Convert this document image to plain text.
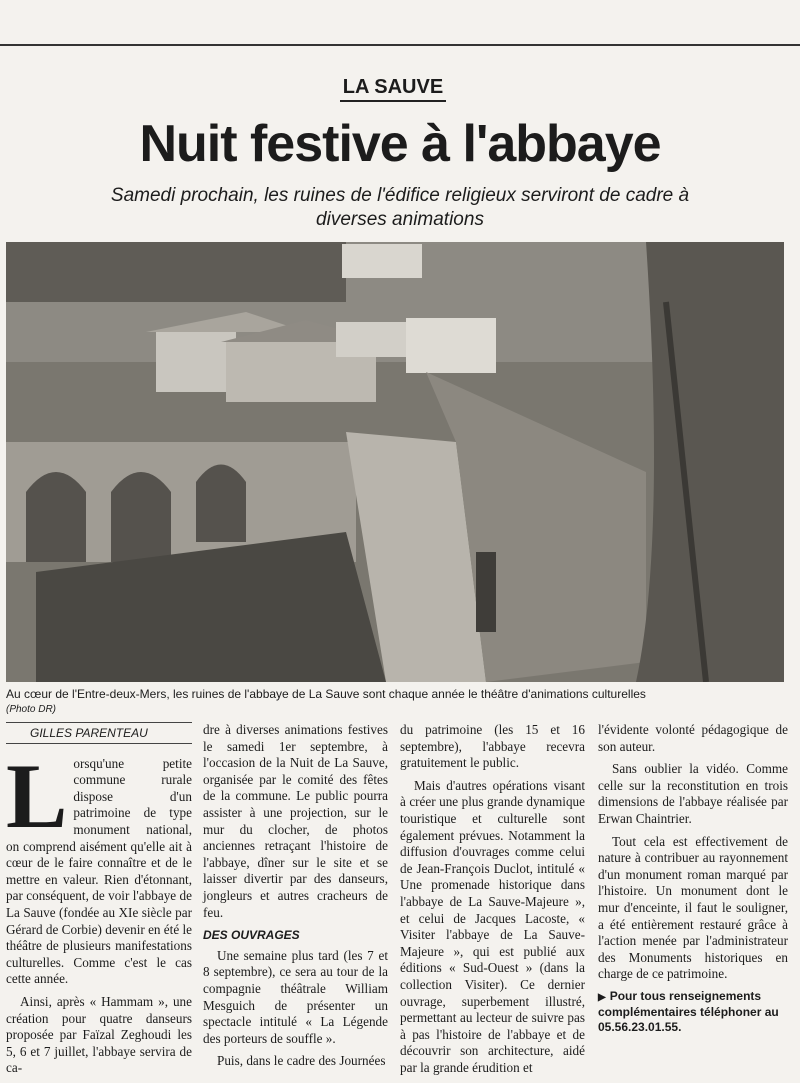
LA SAUVE
Nuit festive à l'abbaye
Samedi prochain, les ruines de l'édifice religieux serviront de cadre à diverses animations
Au cœur de l'Entre-deux-Mers, les ruines de l'abbaye de La Sauve sont chaque année le théâtre d'animations culturelles
(Photo DR)
GILLES PARENTEAU

Lorsqu'une petite commune rurale dispose d'un patrimoine de type monument national, on comprend aisément qu'elle ait à cœur de le faire connaître et de le mettre en valeur. Rien d'étonnant, par conséquent, de voir l'abbaye de La Sauve (fondée au XIe siècle par Gérard de Corbie) devenir en été le théâtre de plusieurs manifestations culturelles. Comme c'est le cas cette année.

Ainsi, après « Hammam », une création pour quatre danseurs proposée par Faïzal Zeghoudi les 5, 6 et 7 juillet, l'abbaye servira de ca-

dre à diverses animations festives le samedi 1er septembre, à l'occasion de la Nuit de La Sauve, organisée par le comité des fêtes de la commune. Le public pourra assister à une projection, sur le mur du clocher, de photos anciennes retraçant l'histoire de l'abbaye, dîner sur le site et se laisser divertir par des danseurs, jongleurs et autres cracheurs de feu.

DES OUVRAGES

Une semaine plus tard (les 7 et 8 septembre), ce sera au tour de la compagnie théâtrale William Mesguich de présenter un spectacle intitulé « La Légende des porteurs de souffle ».

Puis, dans le cadre des Journées

du patrimoine (les 15 et 16 septembre), l'abbaye recevra gratuitement le public.

Mais d'autres opérations visant à créer une plus grande dynamique touristique et culturelle sont également prévues. Notamment la diffusion d'ouvrages comme celui de Jean-François Duclot, intitulé « Une promenade historique dans l'abbaye de La Sauve-Majeure », et celui de Jacques Lacoste, « Visiter l'abbaye de La Sauve-Majeure », qui est publié aux éditions « Sud-Ouest » (dans la collection Visiter). Ce dernier ouvrage, superbement illustré, permettant au lecteur de suivre pas à pas l'histoire de l'abbaye et de découvrir son architecture, aidé par la grande érudition et

l'évidente volonté pédagogique de son auteur.

Sans oublier la vidéo. Comme celle sur la reconstitution en trois dimensions de l'abbaye réalisée par Erwan Chaintrier.

Tout cela est effectivement de nature à contribuer au rayonnement d'un monument roman marqué par l'histoire. Un monument dont le mur d'enceinte, il faut le souligner, a été entièrement restauré grâce à l'action menée par l'administrateur des Monuments historiques en charge de ce patrimoine.

▶ Pour tous renseignements complémentaires téléphoner au 05.56.23.01.55.
